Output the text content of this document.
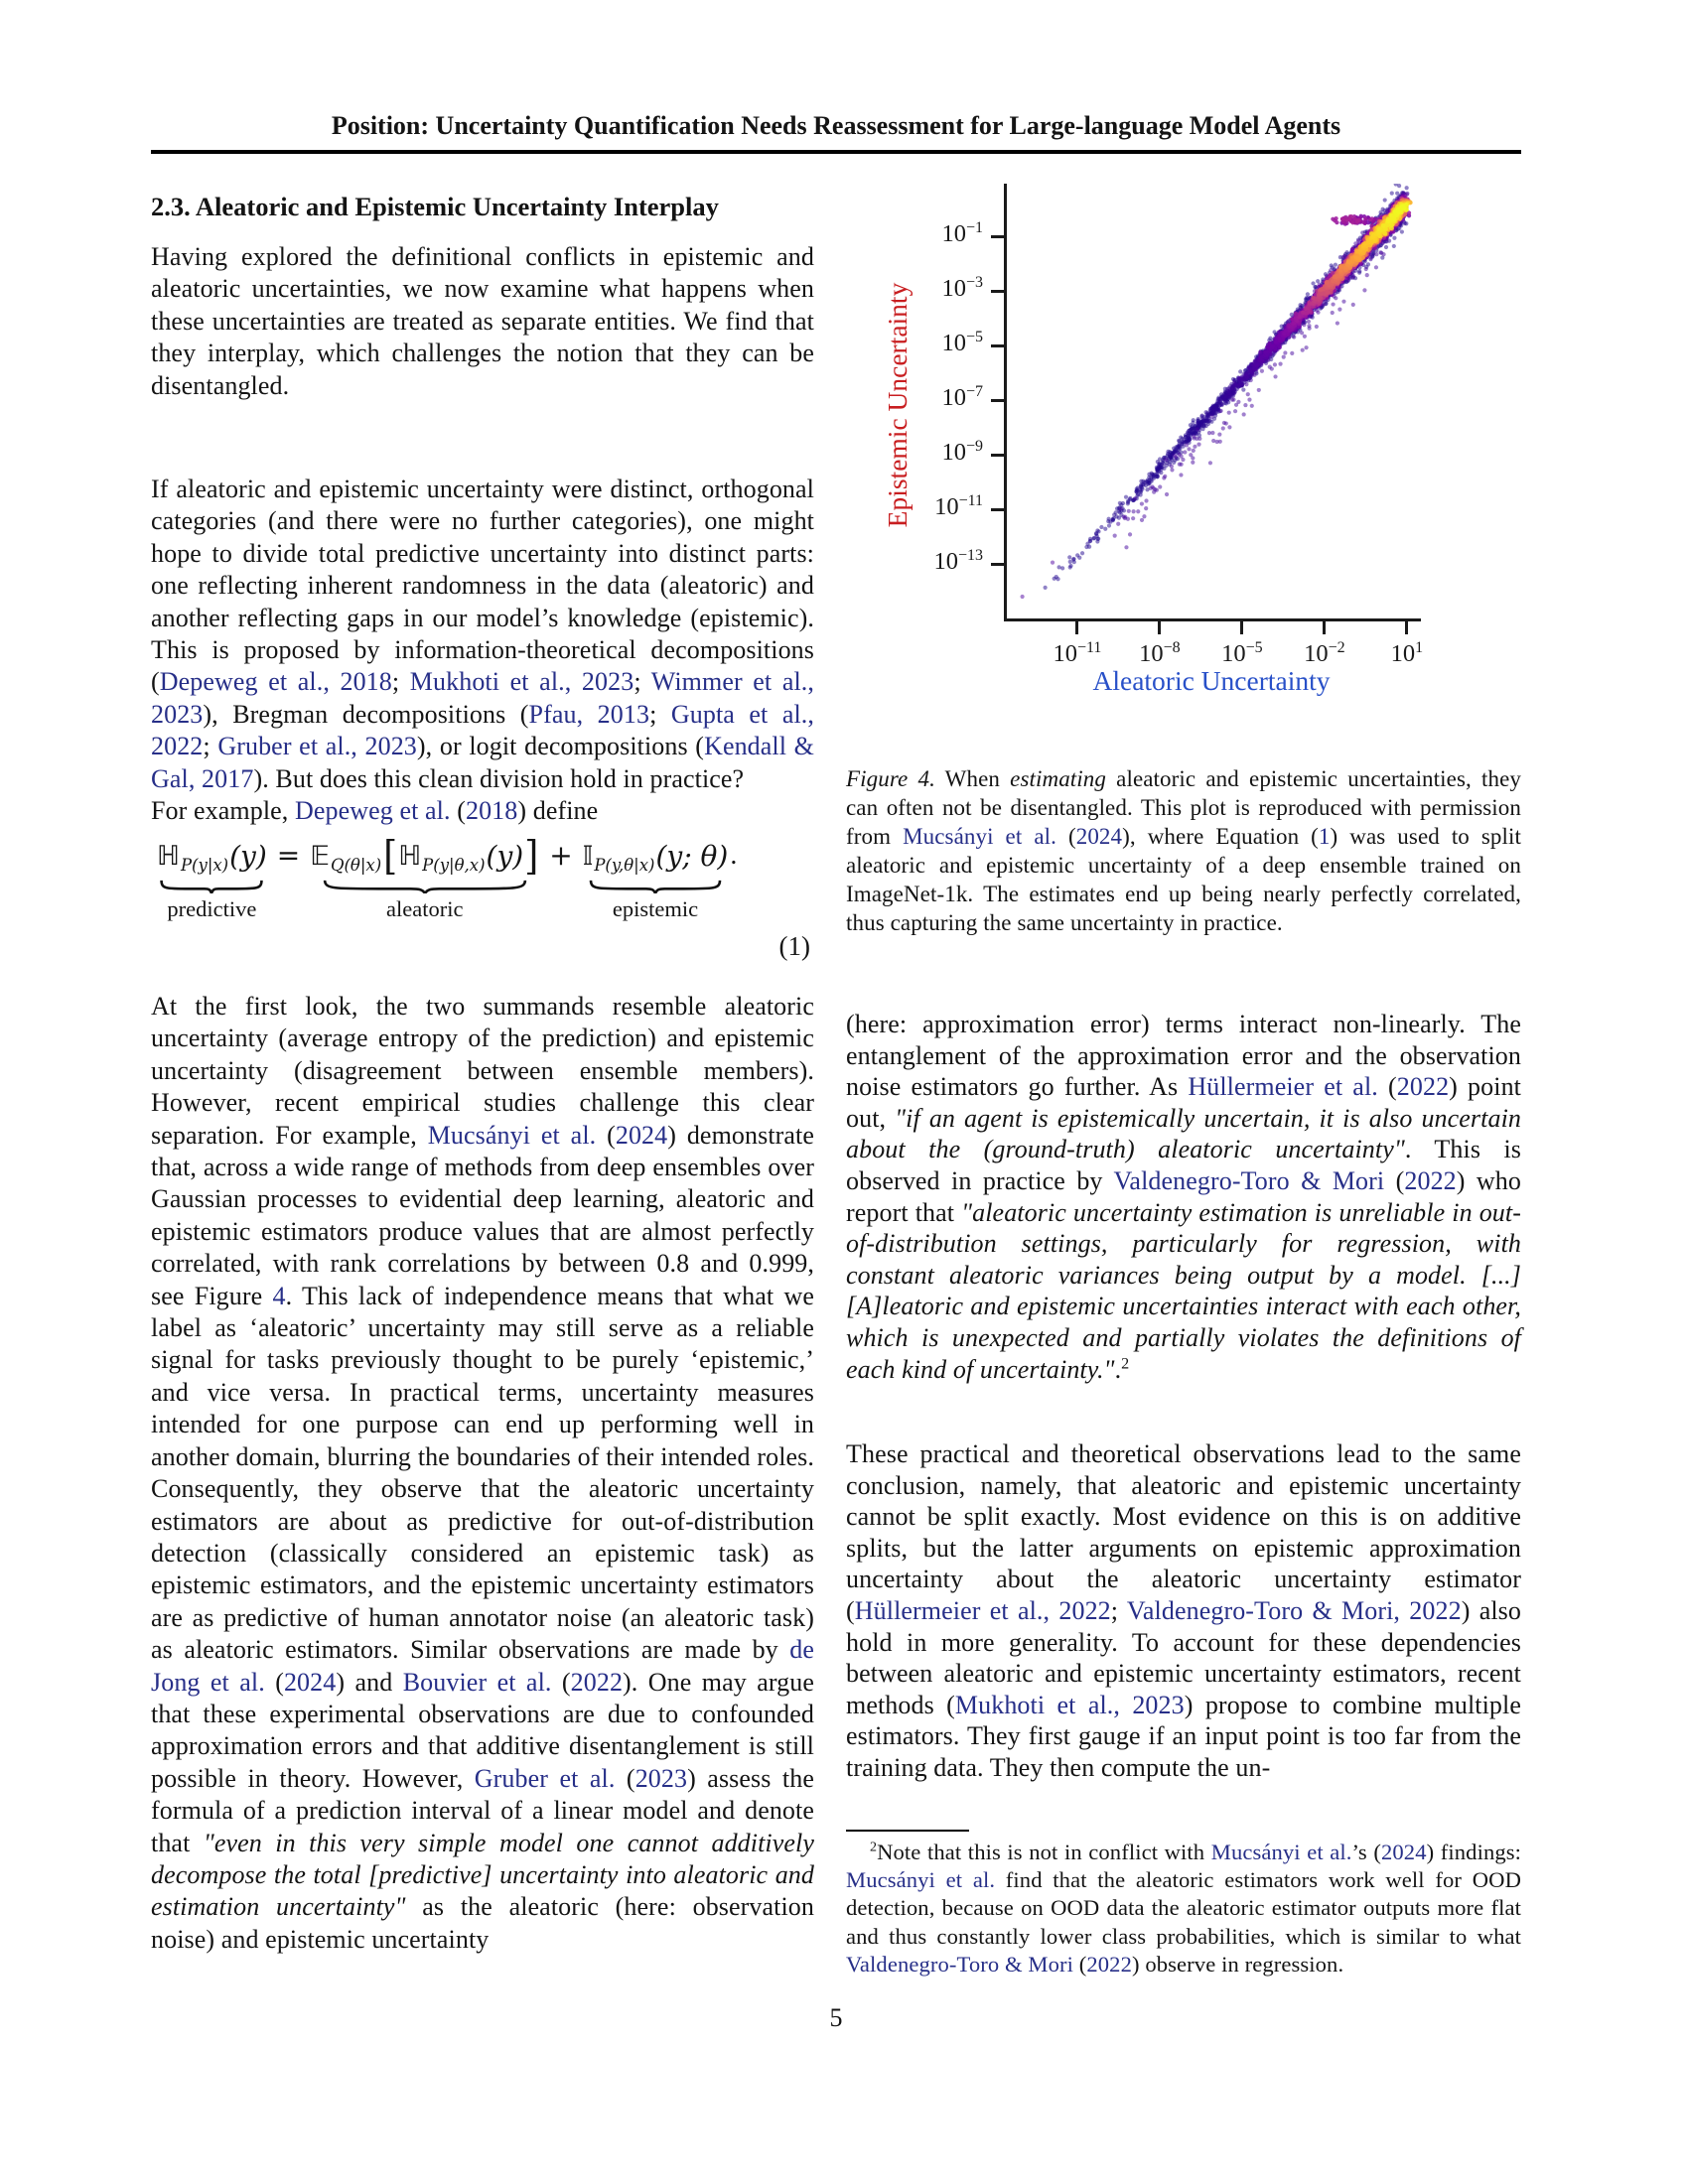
Position: Uncertainty Quantification Needs Reassessment for Large-language Model Agents
2.3. Aleatoric and Epistemic Uncertainty Interplay
Having explored the definitional conflicts in epistemic and aleatoric uncertainties, we now examine what happens when these uncertainties are treated as separate entities. We find that they interplay, which challenges the notion that they can be disentangled.
If aleatoric and epistemic uncertainty were distinct, orthogonal categories (and there were no further categories), one might hope to divide total predictive uncertainty into distinct parts: one reflecting inherent randomness in the data (aleatoric) and another reflecting gaps in our model’s knowledge (epistemic). This is proposed by information-theoretical decompositions (Depeweg et al., 2018; Mukhoti et al., 2023; Wimmer et al., 2023), Bregman decompositions (Pfau, 2013; Gupta et al., 2022; Gruber et al., 2023), or logit decompositions (Kendall & Gal, 2017). But does this clean division hold in practice?
For example, Depeweg et al. (2018) define
ℍ P(y|x) (y)
predictive
= 𝔼 Q(θ|x) [ ℍ P(y|θ,x) (y) ]
aleatoric
+ 𝕀 P(y,θ|x) (y; θ)
epistemic
.
(1)
At the first look, the two summands resemble aleatoric uncertainty (average entropy of the prediction) and epistemic uncertainty (disagreement between ensemble members). However, recent empirical studies challenge this clear separation. For example, Mucsányi et al. (2024) demonstrate that, across a wide range of methods from deep ensembles over Gaussian processes to evidential deep learning, aleatoric and epistemic estimators produce values that are almost perfectly correlated, with rank correlations by between 0.8 and 0.999, see Figure 4. This lack of independence means that what we label as ‘aleatoric’ uncertainty may still serve as a reliable signal for tasks previously thought to be purely ‘epistemic,’ and vice versa. In practical terms, uncertainty measures intended for one purpose can end up performing well in another domain, blurring the boundaries of their intended roles. Consequently, they observe that the aleatoric uncertainty estimators are about as predictive for out-of-distribution detection (classically considered an epistemic task) as epistemic estimators, and the epistemic uncertainty estimators are as predictive of human annotator noise (an aleatoric task) as aleatoric estimators. Similar observations are made by de Jong et al. (2024) and Bouvier et al. (2022). One may argue that these experimental observations are due to confounded approximation errors and that additive disentanglement is still possible in theory. However, Gruber et al. (2023) assess the formula of a prediction interval of a linear model and denote that "even in this very simple model one cannot additively decompose the total [predictive] uncertainty into aleatoric and estimation uncertainty" as the aleatoric (here: observation noise) and epistemic uncertainty
Epistemic Uncertainty
Aleatoric Uncertainty
$10^{-1}$
$10^{-3}$
$10^{-5}$
$10^{-7}$
$10^{-9}$
$10^{-11}$
$10^{-13}$
$10^{-11}$ $10^{-8}$ $10^{-5}$ $10^{-2}$ $10^1$
Figure 4. When estimating aleatoric and epistemic uncertainties, they can often not be disentangled. This plot is reproduced with permission from Mucsányi et al. (2024), where Equation (1) was used to split aleatoric and epistemic uncertainty of a deep ensemble trained on ImageNet-1k. The estimates end up being nearly perfectly correlated, thus capturing the same uncertainty in practice.
(here: approximation error) terms interact non-linearly. The entanglement of the approximation error and the observation noise estimators go further. As Hüllermeier et al. (2022) point out, "if an agent is epistemically uncertain, it is also uncertain about the (ground-truth) aleatoric uncertainty". This is observed in practice by Valdenegro-Toro & Mori (2022) who report that "aleatoric uncertainty estimation is unreliable in out-of-distribution settings, particularly for regression, with constant aleatoric variances being output by a model. [...] [A]leatoric and epistemic uncertainties interact with each other, which is unexpected and partially violates the definitions of each kind of uncertainty.".$^2$
These practical and theoretical observations lead to the same conclusion, namely, that aleatoric and epistemic uncertainty cannot be split exactly. Most evidence on this is on additive splits, but the latter arguments on epistemic approximation uncertainty about the aleatoric uncertainty estimator (Hüllermeier et al., 2022; Valdenegro-Toro & Mori, 2022) also hold in more generality. To account for these dependencies between aleatoric and epistemic uncertainty estimators, recent methods (Mukhoti et al., 2023) propose to combine multiple estimators. They first gauge if an input point is too far from the training data. They then compute the un-
$^2$Note that this is not in conflict with Mucsányi et al.’s (2024) findings: Mucsányi et al. find that the aleatoric estimators work well for OOD detection, because on OOD data the aleatoric estimator outputs more flat and thus constantly lower class probabilities, which is similar to what Valdenegro-Toro & Mori (2022) observe in regression.
5
